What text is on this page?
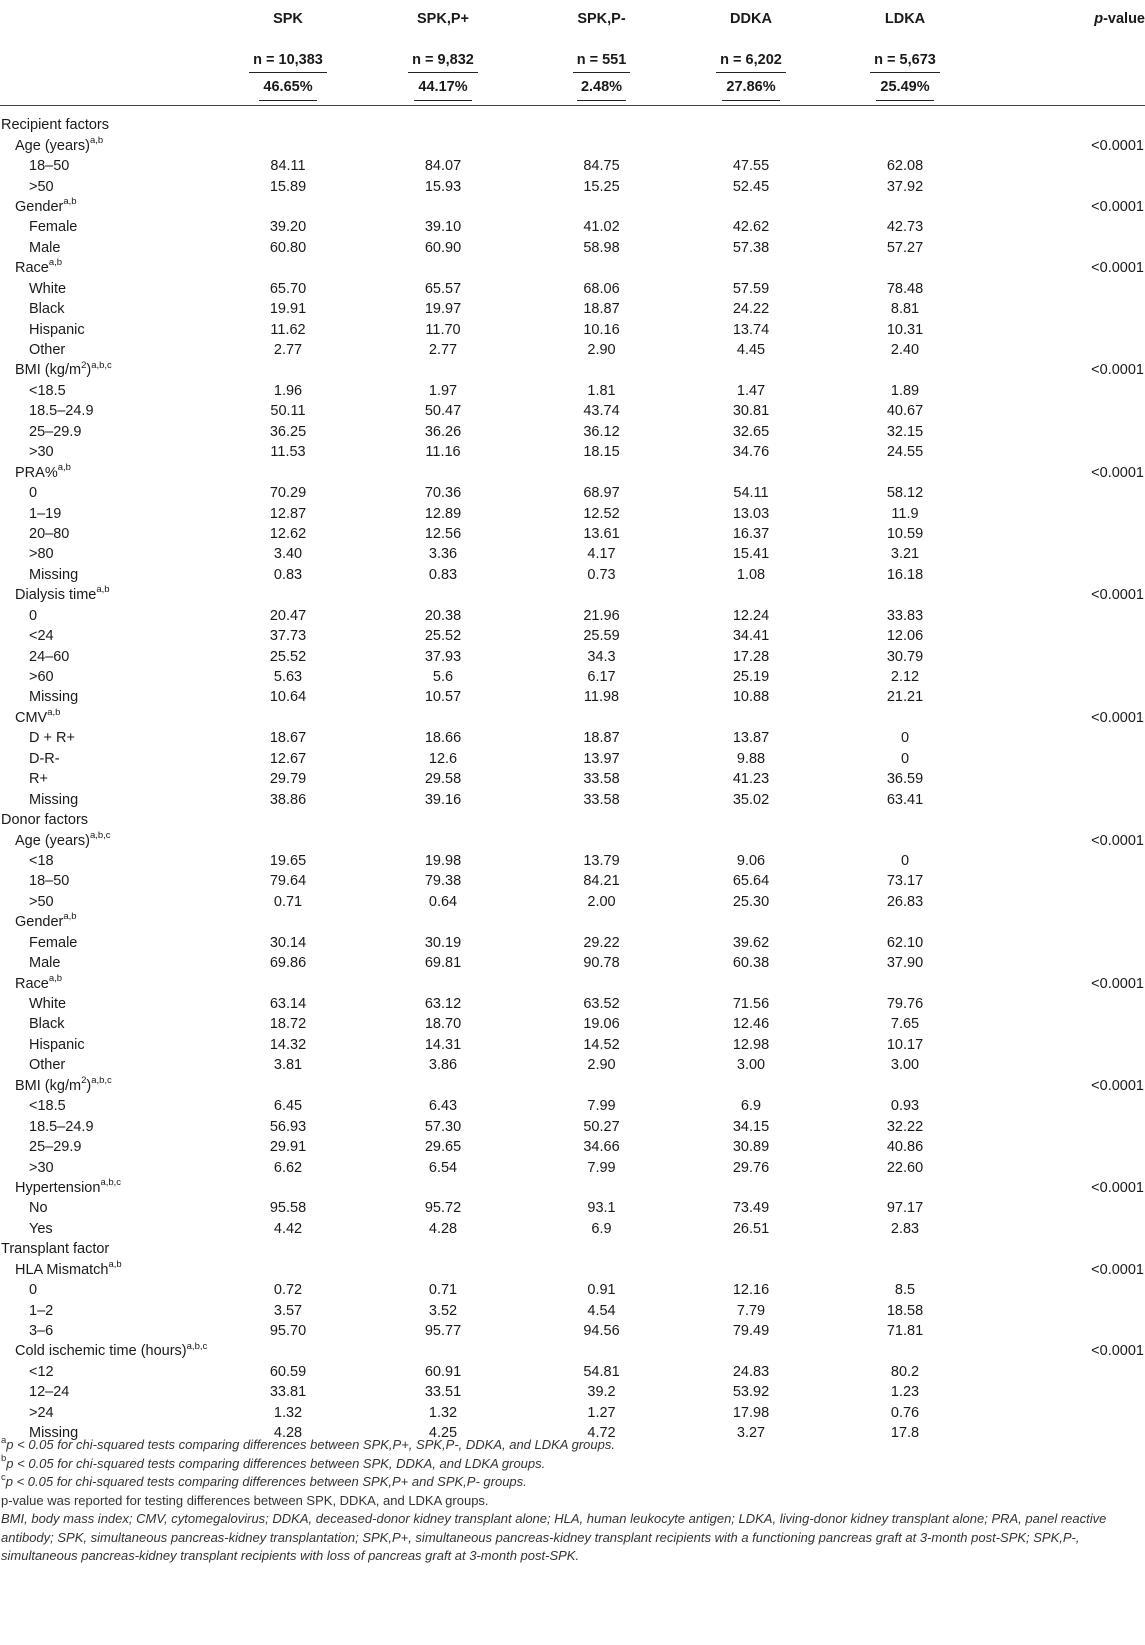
	SPK	SPK,P+	SPK,P-	DDKA	LDKA	p-value
	n = 10,383	n = 9,832	n = 551	n = 6,202	n = 5,673	
	46.65%	44.17%	2.48%	27.86%	25.49%	

Recipient factors						
Age (years)$^{a,b}$						<0.0001
18–50	84.11	84.07	84.75	47.55	62.08	
>50	15.89	15.93	15.25	52.45	37.92	
Gender$^{a,b}$						<0.0001
Female	39.20	39.10	41.02	42.62	42.73	
Male	60.80	60.90	58.98	57.38	57.27	
Race$^{a,b}$						<0.0001
White	65.70	65.57	68.06	57.59	78.48	
Black	19.91	19.97	18.87	24.22	8.81	
Hispanic	11.62	11.70	10.16	13.74	10.31	
Other	2.77	2.77	2.90	4.45	2.40	
BMI $(kg/m^2)^{a,b,c}$						<0.0001
<18.5	1.96	1.97	1.81	1.47	1.89	
18.5–24.9	50.11	50.47	43.74	30.81	40.67	
25–29.9	36.25	36.26	36.12	32.65	32.15	
>30	11.53	11.16	18.15	34.76	24.55	
PRA%$^{a,b}$						<0.0001
0	70.29	70.36	68.97	54.11	58.12	
1–19	12.87	12.89	12.52	13.03	11.9	
20–80	12.62	12.56	13.61	16.37	10.59	
>80	3.40	3.36	4.17	15.41	3.21	
Missing	0.83	0.83	0.73	1.08	16.18	
Dialysis time$^{a,b}$						<0.0001
0	20.47	20.38	21.96	12.24	33.83	
<24	37.73	25.52	25.59	34.41	12.06	
24–60	25.52	37.93	34.3	17.28	30.79	
>60	5.63	5.6	6.17	25.19	2.12	
Missing	10.64	10.57	11.98	10.88	21.21	
CMV$^{a,b}$						<0.0001
D + R+	18.67	18.66	18.87	13.87	0	
D-R-	12.67	12.6	13.97	9.88	0	
R+	29.79	29.58	33.58	41.23	36.59	
Missing	38.86	39.16	33.58	35.02	63.41	
Donor factors						
Age (years)$^{a,b,c}$						<0.0001
<18	19.65	19.98	13.79	9.06	0	
18–50	79.64	79.38	84.21	65.64	73.17	
>50	0.71	0.64	2.00	25.30	26.83	
Gender$^{a,b}$						
Female	30.14	30.19	29.22	39.62	62.10	
Male	69.86	69.81	90.78	60.38	37.90	
Race$^{a,b}$						<0.0001
White	63.14	63.12	63.52	71.56	79.76	
Black	18.72	18.70	19.06	12.46	7.65	
Hispanic	14.32	14.31	14.52	12.98	10.17	
Other	3.81	3.86	2.90	3.00	3.00	
BMI $(kg/m^2)^{a,b,c}$						<0.0001
<18.5	6.45	6.43	7.99	6.9	0.93	
18.5–24.9	56.93	57.30	50.27	34.15	32.22	
25–29.9	29.91	29.65	34.66	30.89	40.86	
>30	6.62	6.54	7.99	29.76	22.60	
Hypertension$^{a,b,c}$						<0.0001
No	95.58	95.72	93.1	73.49	97.17	
Yes	4.42	4.28	6.9	26.51	2.83	
Transplant factor						
HLA Mismatch$^{a,b}$						<0.0001
0	0.72	0.71	0.91	12.16	8.5	
1–2	3.57	3.52	4.54	7.79	18.58	
3–6	95.70	95.77	94.56	79.49	71.81	
Cold ischemic time (hours)$^{a,b,c}$						<0.0001
<12	60.59	60.91	54.81	24.83	80.2	
12–24	33.81	33.51	39.2	53.92	1.23	
>24	1.32	1.32	1.27	17.98	0.76	
Missing	4.28	4.25	4.72	3.27	17.8	

$^a$p < 0.05 for chi-squared tests comparing differences between SPK,P+, SPK,P-, DDKA, and LDKA groups.

$^b$p < 0.05 for chi-squared tests comparing differences between SPK, DDKA, and LDKA groups.

$^c$p < 0.05 for chi-squared tests comparing differences between SPK,P+ and SPK,P- groups.

p-value was reported for testing differences between SPK, DDKA, and LDKA groups.

BMI, body mass index; CMV, cytomegalovirus; DDKA, deceased-donor kidney transplant alone; HLA, human leukocyte antigen; LDKA, living-donor kidney transplant alone; PRA, panel reactive antibody; SPK, simultaneous pancreas-kidney transplantation; SPK,P+, simultaneous pancreas-kidney transplant recipients with a functioning pancreas graft at 3-month post-SPK; SPK,P-, simultaneous pancreas-kidney transplant recipients with loss of pancreas graft at 3-month post-SPK.
